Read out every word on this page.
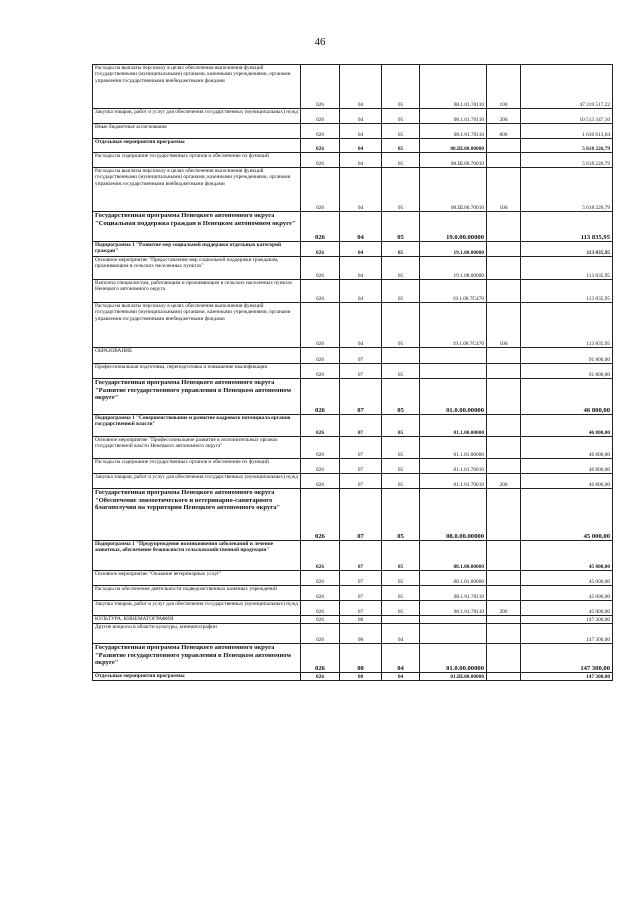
46
Расходы на выплаты персоналу в целях обеспечения выполнения функций государственными (муниципальными) органами, казенными учреждениями, органами управления государственными внебюджетными фондами	026	04	05	08.1.01.70110	100	47 319 517,22
Закупка товаров, работ и услуг для обеспечения государственных (муниципальных) нужд	026	04	05	08.1.01.70110	200	10 513 347,10
Иные бюджетные ассигнования	026	04	05	08.1.01.70110	800	1 610 613,04
Отдельные мероприятия программы	026	04	05	08.Ш.00.00000		5 618 226,79
Расходы на содержание государственных органов и обеспечение их функций	026	04	05	08.Ш.00.70010		5 618 226,79
Расходы на выплаты персоналу в целях обеспечения выполнения функций государственными (муниципальными) органами, казенными учреждениями, органами управления государственными внебюджетными фондами	026	04	05	08.Ш.00.70010	100	5 618 226,79
Государственная программа Ненецкого автономного округа "Социальная поддержка граждан в Ненецком автономном округе"	026	04	05	19.0.00.00000		113 835,95
Подпрограмма 1 "Развитие мер социальной поддержки отдельных категорий граждан"	026	04	05	19.1.00.00000		113 835,95
Основное мероприятие "Предоставление мер социальной поддержки гражданам, проживающим в сельских населенных пунктах"	026	04	05	19.1.08.00000		113 835,95
Выплаты специалистам, работающим и проживающим в сельских населенных пунктах Ненецкого автономного округа	026	04	05	19.1.08.7С470		113 835,95
Расходы на выплаты персоналу в целях обеспечения выполнения функций государственными (муниципальными) органами, казенными учреждениями, органами управления государственными внебюджетными фондами	026	04	05	19.1.08.7С470	100	113 835,95
ОБРАЗОВАНИЕ	026	07				91 800,00
Профессиональная подготовка, переподготовка и повышение квалификации	026	07	05			91 800,00
Государственная программа Ненецкого автономного округа "Развитие государственного управления в Ненецком автономном округе"	026	07	05	01.0.00.00000		46 800,00
Подпрограмма 1 "Совершенствование и развитие кадрового потенциала органов государственной власти"	026	07	05	01.1.00.00000		46 800,00
Основное мероприятие "Профессиональное развитие в исполнительных органах государственной власти Ненецкого автономного округа"	026	07	05	01.1.01.00000		46 800,00
Расходы на содержание государственных органов и обеспечение их функций	026	07	05	01.1.01.70010		46 800,00
Закупка товаров, работ и услуг для обеспечения государственных (муниципальных) нужд	026	07	05	01.1.01.70010	200	46 800,00
Государственная программа Ненецкого автономного округа "Обеспечение эпизоотического и ветеринарно-санитарного благополучия на территории Ненецкого автономного округа"	026	07	05	08.0.00.00000		45 000,00
Подпрограмма 1 "Предупреждение возникновения заболеваний и лечение животных, обеспечение безопасности сельскохозяйственной продукции"	026	07	05	08.1.00.00000		45 000,00
Основное мероприятие "Оказание ветеринарных услуг"	026	07	05	08.1.01.00000		45 000,00
Расходы на обеспечение деятельности подведомственных казенных учреждений	026	07	05	08.1.01.70110		45 000,00
Закупка товаров, работ и услуг для обеспечения государственных (муниципальных) нужд	026	07	05	08.1.01.70110	200	45 000,00
КУЛЬТУРА, КИНЕМАТОГРАФИЯ	026	08				147 300,00
Другие вопросы в области культуры, кинематографии	026	08	04			147 300,00
Государственная программа Ненецкого автономного округа "Развитие государственного управления в Ненецком автономном округе"	026	08	04	01.0.00.00000		147 300,00
Отдельные мероприятия программы	026	08	04	01.Ш.00.00000		147 300,00
